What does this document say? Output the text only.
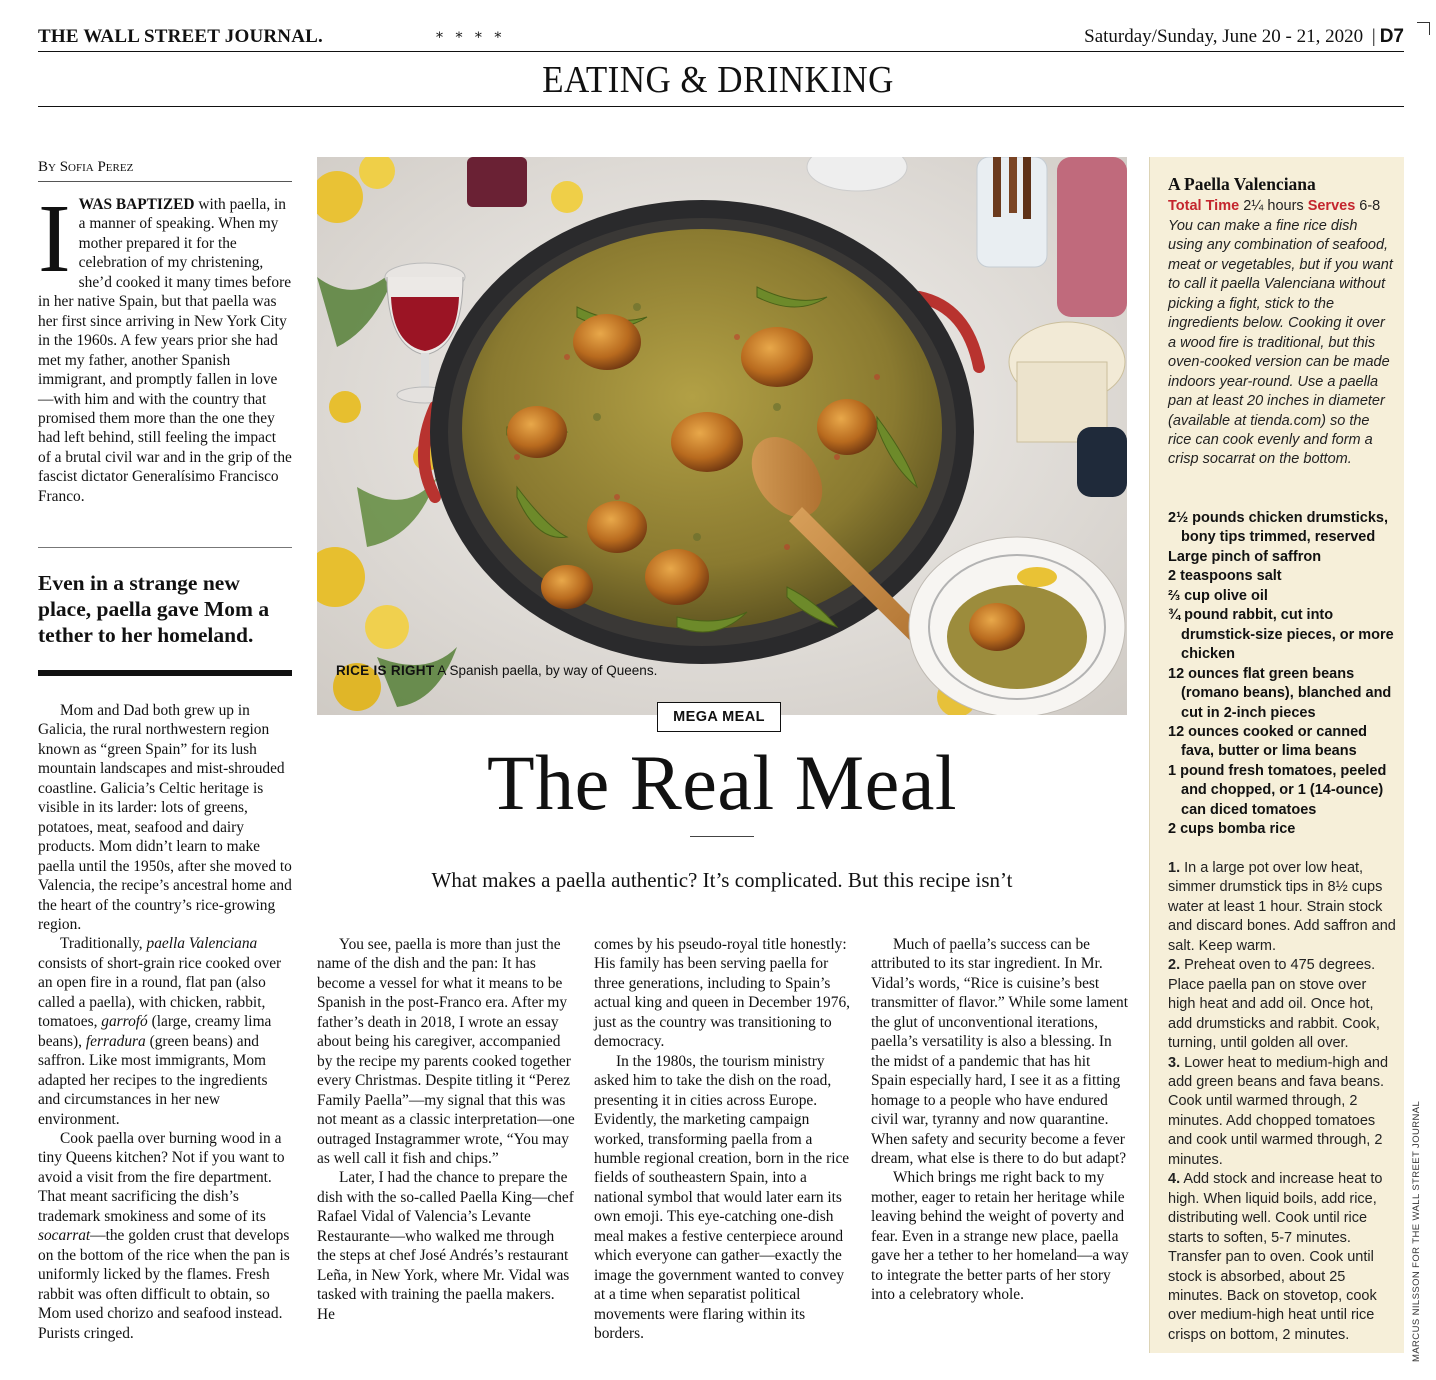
THE WALL STREET JOURNAL.	* * * *	Saturday/Sunday, June 20 - 21, 2020 | D7
EATING & DRINKING
By Sofia Perez
IWAS BAPTIZED with paella, in a manner of speaking. When my mother prepared it for the celebration of my christening, she’d cooked it many times before in her native Spain, but that paella was her first since arriving in New York City in the 1960s. A few years prior she had met my father, another Spanish immigrant, and promptly fallen in love—with him and with the country that promised them more than the one they had left behind, still feeling the impact of a brutal civil war and in the grip of the fascist dictator Generalísimo Francisco Franco.
Even in a strange new place, paella gave Mom a tether to her homeland.

Mom and Dad both grew up in Galicia, the rural northwestern region known as “green Spain” for its lush mountain landscapes and mist-shrouded coastline. Galicia’s Celtic heritage is visible in its larder: lots of greens, potatoes, meat, seafood and dairy products. Mom didn’t learn to make paella until the 1950s, after she moved to Valencia, the recipe’s ancestral home and the heart of the country’s rice-growing region.

Traditionally, paella Valenciana consists of short-grain rice cooked over an open fire in a round, flat pan (also called a paella), with chicken, rabbit, tomatoes, garrofó (large, creamy lima beans), ferradura (green beans) and saffron. Like most immigrants, Mom adapted her recipes to the ingredients and circumstances in her new environment.

Cook paella over burning wood in a tiny Queens kitchen? Not if you want to avoid a visit from the fire department. That meant sacrificing the dish’s trademark smokiness and some of its socarrat—the golden crust that develops on the bottom of the rice when the pan is uniformly licked by the flames. Fresh rabbit was often difficult to obtain, so Mom used chorizo and seafood instead. Purists cringed.

RICE IS RIGHT A Spanish paella, by way of Queens.
MEGA MEAL
The Real Meal
What makes a paella authentic? It’s complicated. But this recipe isn’t

You see, paella is more than just the name of the dish and the pan: It has become a vessel for what it means to be Spanish in the post-Franco era. After my father’s death in 2018, I wrote an essay about being his caregiver, accompanied by the recipe my parents cooked together every Christmas. Despite titling it “Perez Family Paella”—my signal that this was not meant as a classic interpretation—one outraged Instagrammer wrote, “You may as well call it fish and chips.”

Later, I had the chance to prepare the dish with the so-called Paella King—chef Rafael Vidal of Valencia’s Levante Restaurante—who walked me through the steps at chef José Andrés’s restaurant Leña, in New York, where Mr. Vidal was tasked with training the paella makers. He

comes by his pseudo-royal title honestly: His family has been serving paella for three generations, including to Spain’s actual king and queen in December 1976, just as the country was transitioning to democracy.

In the 1980s, the tourism ministry asked him to take the dish on the road, presenting it in cities across Europe. Evidently, the marketing campaign worked, transforming paella from a humble regional creation, born in the rice fields of southeastern Spain, into a national symbol that would later earn its own emoji. This eye-catching one-dish meal makes a festive centerpiece around which everyone can gather—exactly the image the government wanted to convey at a time when separatist political movements were flaring within its borders.

Much of paella’s success can be attributed to its star ingredient. In Mr. Vidal’s words, “Rice is cuisine’s best transmitter of flavor.” While some lament the glut of unconventional iterations, paella’s versatility is also a blessing. In the midst of a pandemic that has hit Spain especially hard, I see it as a fitting homage to a people who have endured civil war, tyranny and now quarantine. When safety and security become a fever dream, what else is there to do but adapt?

Which brings me right back to my mother, eager to retain her heritage while leaving behind the weight of poverty and fear. Even in a strange new place, paella gave her a tether to her homeland—a way to integrate the better parts of her story into a celebratory whole.

A Paella Valenciana
Total Time 2¼ hours Serves 6-8
You can make a fine rice dish using any combination of seafood, meat or vegetables, but if you want to call it paella Valenciana without picking a fight, stick to the ingredients below. Cooking it over a wood fire is traditional, but this oven-cooked version can be made indoors year-round. Use a paella pan at least 20 inches in diameter (available at tienda.com) so the rice can cook evenly and form a crisp socarrat on the bottom.
2½ pounds chicken drumsticks, bony tips trimmed, reserved
Large pinch of saffron
2 teaspoons salt
⅔ cup olive oil
¾ pound rabbit, cut into drumstick-size pieces, or more chicken
12 ounces flat green beans (romano beans), blanched and cut in 2-inch pieces
12 ounces cooked or canned fava, butter or lima beans
1 pound fresh tomatoes, peeled and chopped, or 1 (14-ounce) can diced tomatoes
2 cups bomba rice
1. In a large pot over low heat, simmer drumstick tips in 8½ cups water at least 1 hour. Strain stock and discard bones. Add saffron and salt. Keep warm.
2. Preheat oven to 475 degrees. Place paella pan on stove over high heat and add oil. Once hot, add drumsticks and rabbit. Cook, turning, until golden all over.
3. Lower heat to medium-high and add green beans and fava beans. Cook until warmed through, 2 minutes. Add chopped tomatoes and cook until warmed through, 2 minutes.
4. Add stock and increase heat to high. When liquid boils, add rice, distributing well. Cook until rice starts to soften, 5-7 minutes. Transfer pan to oven. Cook until stock is absorbed, about 25 minutes. Back on stovetop, cook over medium-high heat until rice crisps on bottom, 2 minutes.	MARCUS NILSSON FOR THE WALL STREET JOURNAL
